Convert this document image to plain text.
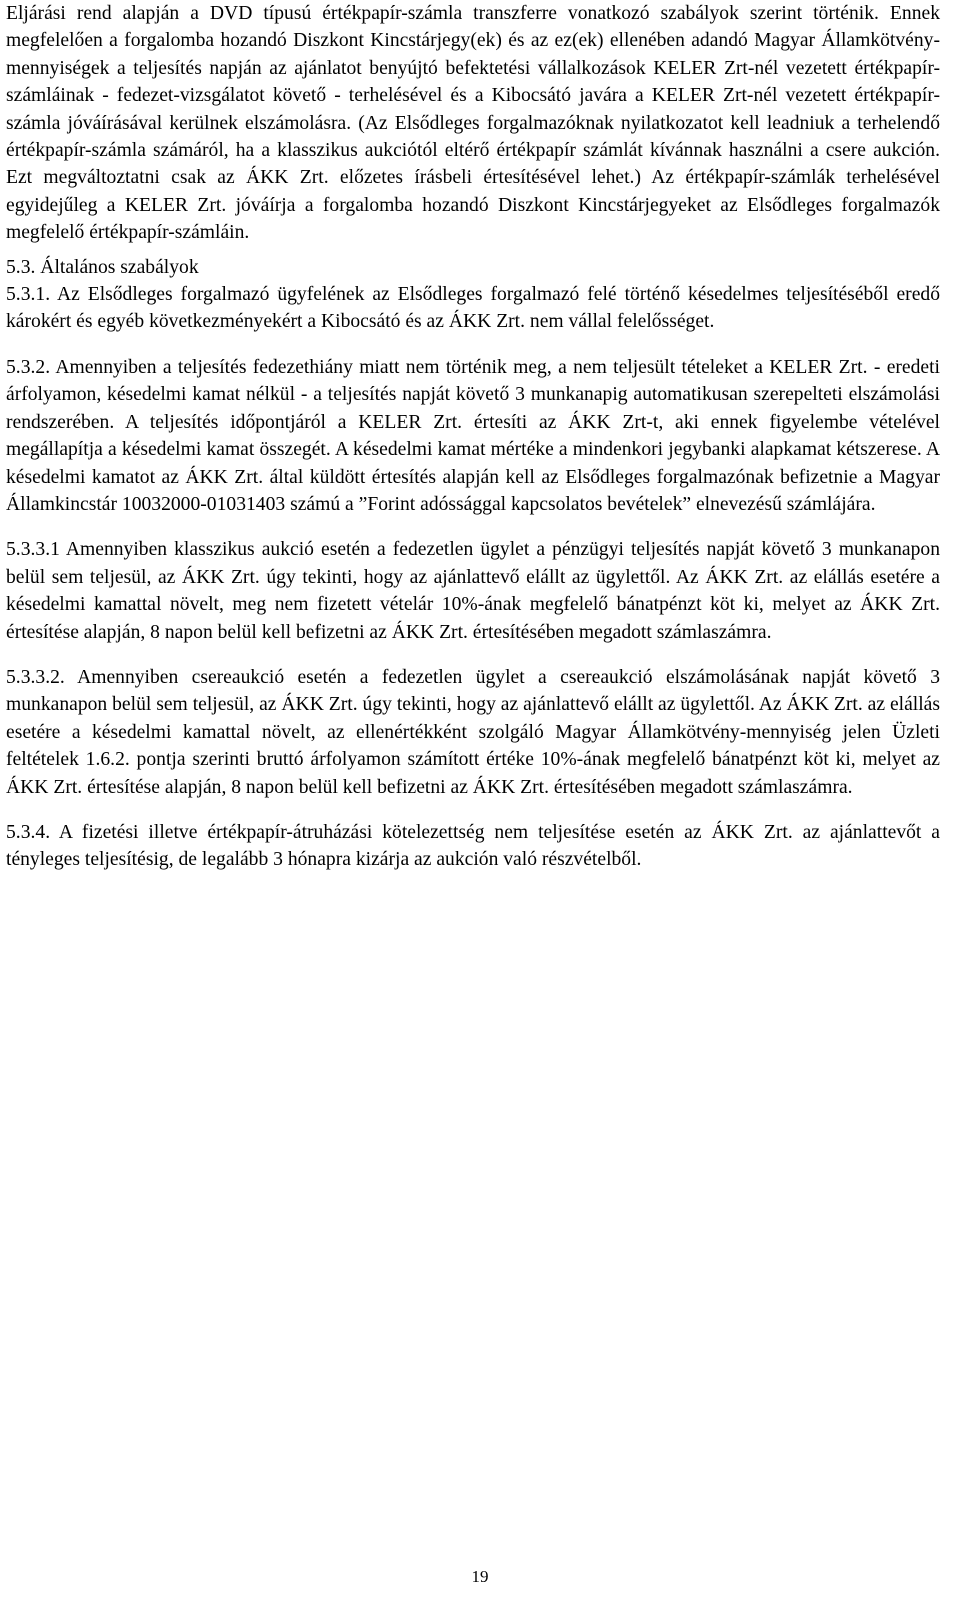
Eljárási rend alapján a DVD típusú értékpapír-számla transzferre vonatkozó szabályok szerint történik. Ennek megfelelően a forgalomba hozandó Diszkont Kincstárjegy(ek) és az ez(ek) ellenében adandó Magyar Államkötvény-mennyiségek a teljesítés napján az ajánlatot benyújtó befektetési vállalkozások KELER Zrt-nél vezetett értékpapír-számláinak - fedezet-vizsgálatot követő - terhelésével és a Kibocsátó javára a KELER Zrt-nél vezetett értékpapír-számla jóváírásával kerülnek elszámolásra. (Az Elsődleges forgalmazóknak nyilatkozatot kell leadniuk a terhelendő értékpapír-számla számáról, ha a klasszikus aukciótól eltérő értékpapír számlát kívánnak használni a csere aukción. Ezt megváltoztatni csak az ÁKK Zrt. előzetes írásbeli értesítésével lehet.) Az értékpapír-számlák terhelésével egyidejűleg a KELER Zrt. jóváírja a forgalomba hozandó Diszkont Kincstárjegyeket az Elsődleges forgalmazók megfelelő értékpapír-számláin.

5.3. Általános szabályok

5.3.1. Az Elsődleges forgalmazó ügyfelének az Elsődleges forgalmazó felé történő késedelmes teljesítéséből eredő károkért és egyéb következményekért a Kibocsátó és az ÁKK Zrt. nem vállal felelősséget.

5.3.2. Amennyiben a teljesítés fedezethiány miatt nem történik meg, a nem teljesült tételeket a KELER Zrt. - eredeti árfolyamon, késedelmi kamat nélkül - a teljesítés napját követő 3 munkanapig automatikusan szerepelteti elszámolási rendszerében. A teljesítés időpontjáról a KELER Zrt. értesíti az ÁKK Zrt-t, aki ennek figyelembe vételével megállapítja a késedelmi kamat összegét. A késedelmi kamat mértéke a mindenkori jegybanki alapkamat kétszerese. A késedelmi kamatot az ÁKK Zrt. által küldött értesítés alapján kell az Elsődleges forgalmazónak befizetnie a Magyar Államkincstár 10032000-01031403 számú a ”Forint adóssággal kapcsolatos bevételek” elnevezésű számlájára.

5.3.3.1 Amennyiben klasszikus aukció esetén a fedezetlen ügylet a pénzügyi teljesítés napját követő 3 munkanapon belül sem teljesül, az ÁKK Zrt. úgy tekinti, hogy az ajánlattevő elállt az ügylettől. Az ÁKK Zrt. az elállás esetére a késedelmi kamattal növelt, meg nem fizetett vételár 10%-ának megfelelő bánatpénzt köt ki, melyet az ÁKK Zrt. értesítése alapján, 8 napon belül kell befizetni az ÁKK Zrt. értesítésében megadott számlaszámra.

5.3.3.2. Amennyiben csereaukció esetén a fedezetlen ügylet a csereaukció elszámolásának napját követő 3 munkanapon belül sem teljesül, az ÁKK Zrt. úgy tekinti, hogy az ajánlattevő elállt az ügylettől. Az ÁKK Zrt. az elállás esetére a késedelmi kamattal növelt, az ellenértékként szolgáló Magyar Államkötvény-mennyiség jelen Üzleti feltételek 1.6.2. pontja szerinti bruttó árfolyamon számított értéke 10%-ának megfelelő bánatpénzt köt ki, melyet az ÁKK Zrt. értesítése alapján, 8 napon belül kell befizetni az ÁKK Zrt. értesítésében megadott számlaszámra.

5.3.4. A fizetési illetve értékpapír-átruházási kötelezettség nem teljesítése esetén az ÁKK Zrt. az ajánlattevőt a tényleges teljesítésig, de legalább 3 hónapra kizárja az aukción való részvételből.

19
